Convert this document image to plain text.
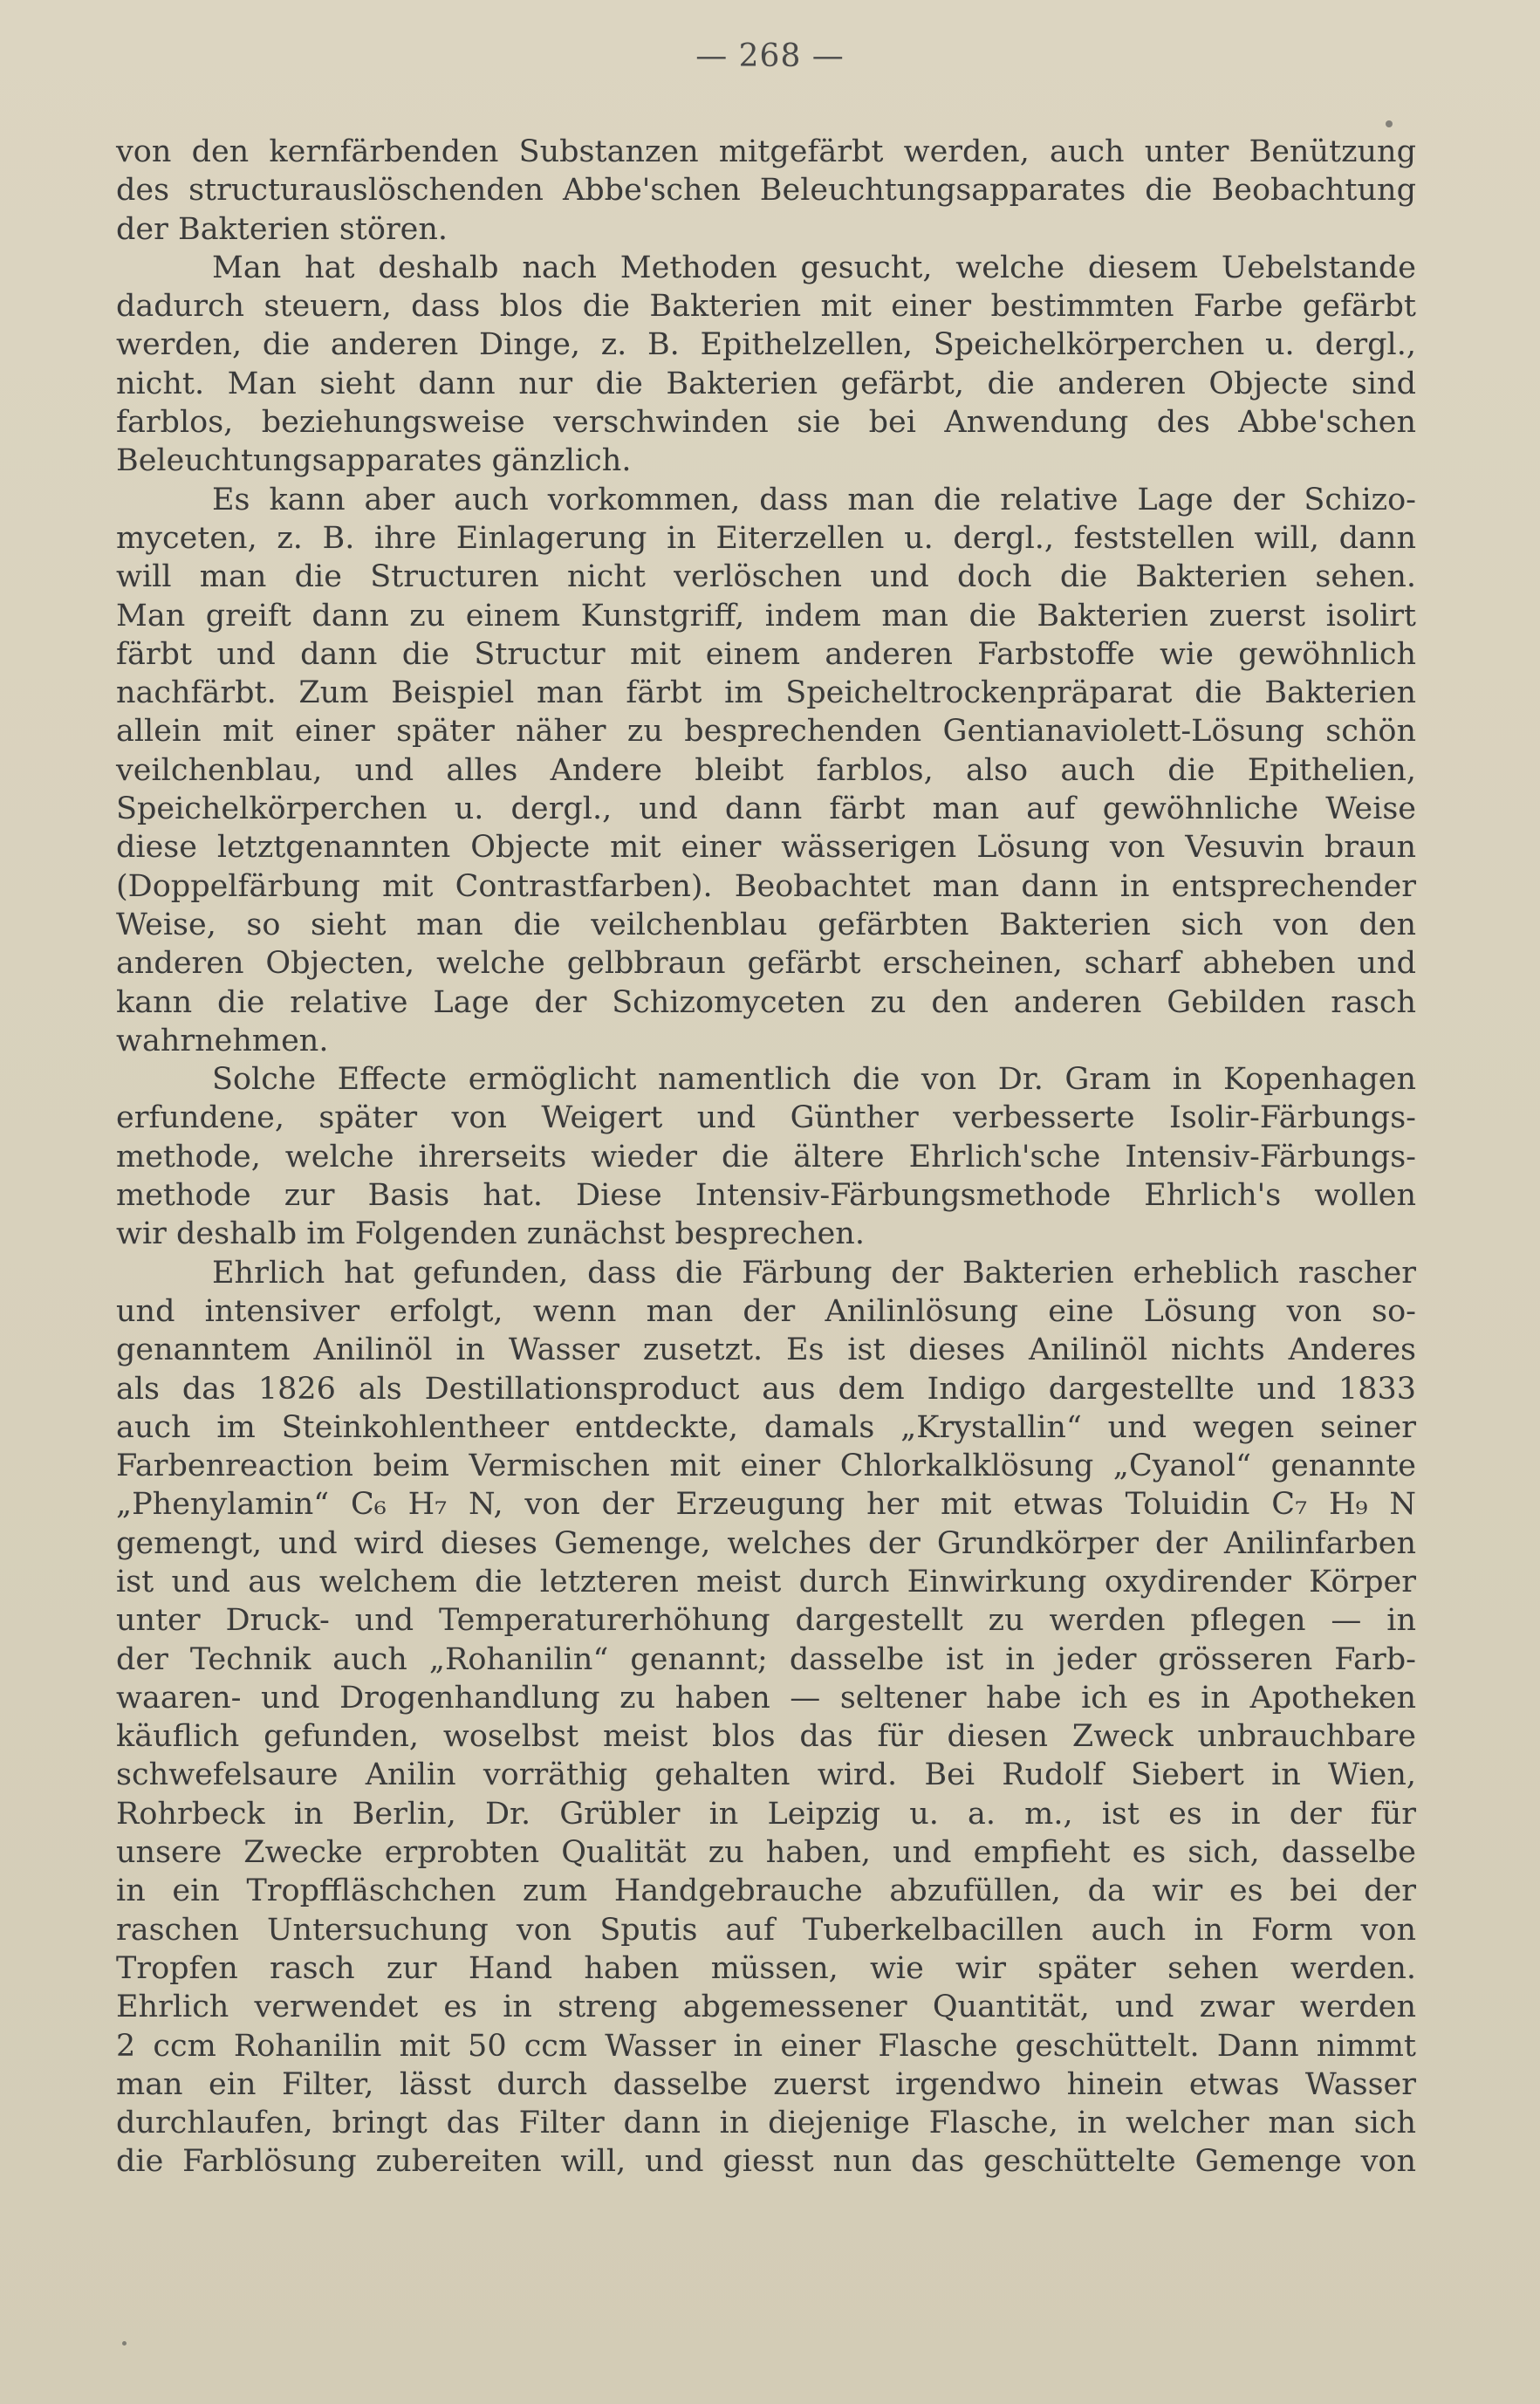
— 268 —
von den kernfärbenden Substanzen mitgefärbt werden, auch unter Benützung
des structurauslöschenden Abbe'schen Beleuchtungsapparates die Beobachtung
der Bakterien stören.
Man hat deshalb nach Methoden gesucht, welche diesem Uebelstande
dadurch steuern, dass blos die Bakterien mit einer bestimmten Farbe gefärbt
werden, die anderen Dinge, z. B. Epithelzellen, Speichelkörperchen u. dergl.,
nicht. Man sieht dann nur die Bakterien gefärbt, die anderen Objecte sind
farblos, beziehungsweise verschwinden sie bei Anwendung des Abbe'schen
Beleuchtungsapparates gänzlich.
Es kann aber auch vorkommen, dass man die relative Lage der Schizo-
myceten, z. B. ihre Einlagerung in Eiterzellen u. dergl., feststellen will, dann
will man die Structuren nicht verlöschen und doch die Bakterien sehen.
Man greift dann zu einem Kunstgriff, indem man die Bakterien zuerst isolirt
färbt und dann die Structur mit einem anderen Farbstoffe wie gewöhnlich
nachfärbt. Zum Beispiel man färbt im Speicheltrockenpräparat die Bakterien
allein mit einer später näher zu besprechenden Gentianaviolett-Lösung schön
veilchenblau, und alles Andere bleibt farblos, also auch die Epithelien,
Speichelkörperchen u. dergl., und dann färbt man auf gewöhnliche Weise
diese letztgenannten Objecte mit einer wässerigen Lösung von Vesuvin braun
(Doppelfärbung mit Contrastfarben). Beobachtet man dann in entsprechender
Weise, so sieht man die veilchenblau gefärbten Bakterien sich von den
anderen Objecten, welche gelbbraun gefärbt erscheinen, scharf abheben und
kann die relative Lage der Schizomyceten zu den anderen Gebilden rasch
wahrnehmen.
Solche Effecte ermöglicht namentlich die von Dr. Gram in Kopenhagen
erfundene, später von Weigert und Günther verbesserte Isolir-Färbungs-
methode, welche ihrerseits wieder die ältere Ehrlich'sche Intensiv-Färbungs-
methode zur Basis hat. Diese Intensiv-Färbungsmethode Ehrlich's wollen
wir deshalb im Folgenden zunächst besprechen.
Ehrlich hat gefunden, dass die Färbung der Bakterien erheblich rascher
und intensiver erfolgt, wenn man der Anilinlösung eine Lösung von so-
genanntem Anilinöl in Wasser zusetzt. Es ist dieses Anilinöl nichts Anderes
als das 1826 als Destillationsproduct aus dem Indigo dargestellte und 1833
auch im Steinkohlentheer entdeckte, damals „Krystallin“ und wegen seiner
Farbenreaction beim Vermischen mit einer Chlorkalklösung „Cyanol“ genannte
„Phenylamin“ C₆ H₇ N, von der Erzeugung her mit etwas Toluidin C₇ H₉ N
gemengt, und wird dieses Gemenge, welches der Grundkörper der Anilinfarben
ist und aus welchem die letzteren meist durch Einwirkung oxydirender Körper
unter Druck- und Temperaturerhöhung dargestellt zu werden pflegen — in
der Technik auch „Rohanilin“ genannt; dasselbe ist in jeder grösseren Farb-
waaren- und Drogenhandlung zu haben — seltener habe ich es in Apotheken
käuflich gefunden, woselbst meist blos das für diesen Zweck unbrauchbare
schwefelsaure Anilin vorräthig gehalten wird. Bei Rudolf Siebert in Wien,
Rohrbeck in Berlin, Dr. Grübler in Leipzig u. a. m., ist es in der für
unsere Zwecke erprobten Qualität zu haben, und empfieht es sich, dasselbe
in ein Tropffläschchen zum Handgebrauche abzufüllen, da wir es bei der
raschen Untersuchung von Sputis auf Tuberkelbacillen auch in Form von
Tropfen rasch zur Hand haben müssen, wie wir später sehen werden.
Ehrlich verwendet es in streng abgemessener Quantität, und zwar werden
2 ccm Rohanilin mit 50 ccm Wasser in einer Flasche geschüttelt. Dann nimmt
man ein Filter, lässt durch dasselbe zuerst irgendwo hinein etwas Wasser
durchlaufen, bringt das Filter dann in diejenige Flasche, in welcher man sich
die Farblösung zubereiten will, und giesst nun das geschüttelte Gemenge von
